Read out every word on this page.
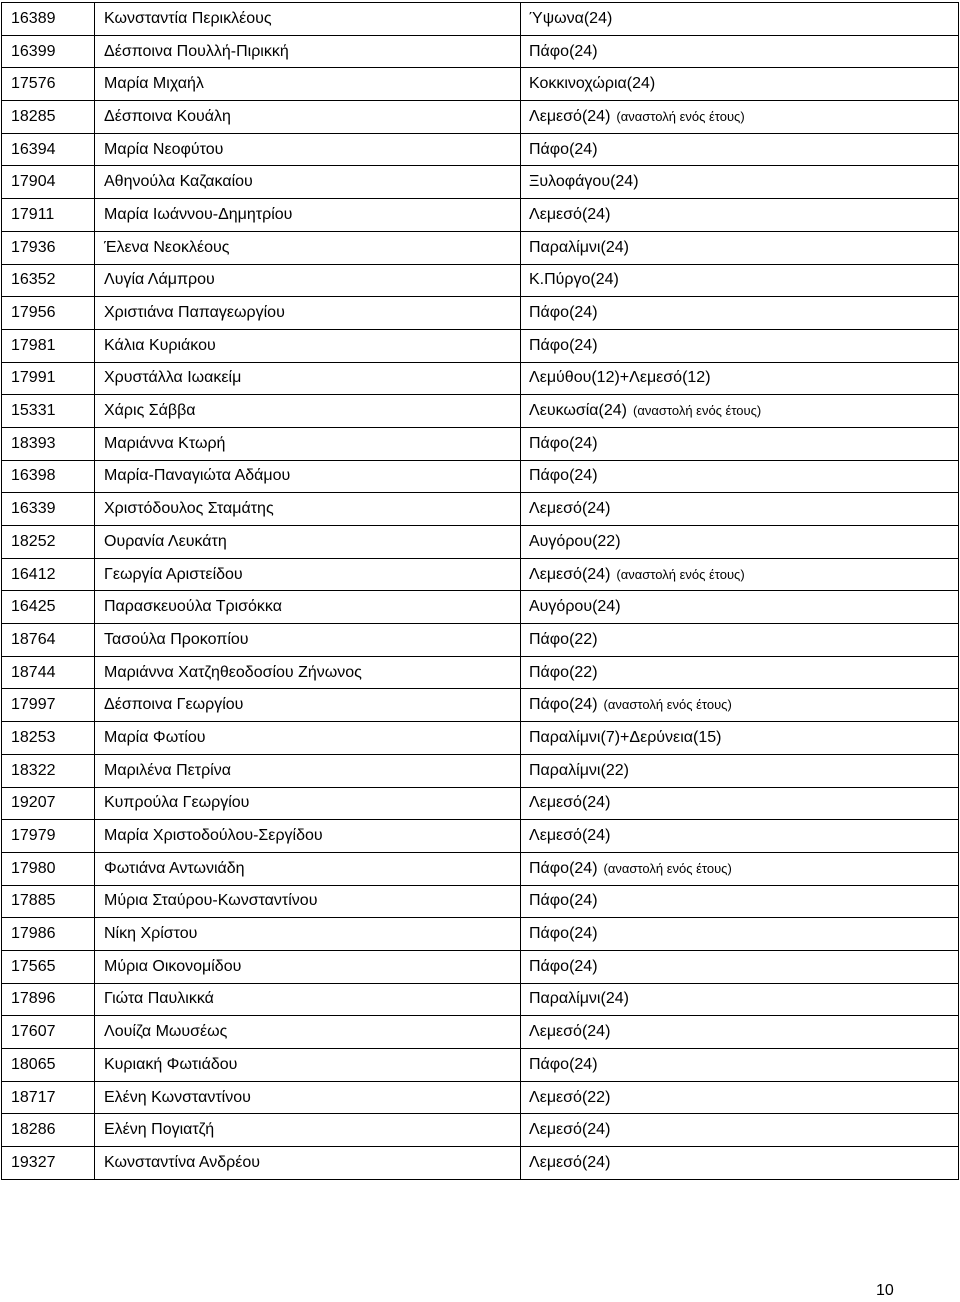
16389	Κωνσταντία Περικλέους	Ύψωνα(24)
16399	Δέσποινα Πουλλή-Πιρικκή	Πάφο(24)
17576	Μαρία Μιχαήλ	Κοκκινοχώρια(24)
18285	Δέσποινα Κουάλη	Λεμεσό(24) (αναστολή ενός έτους)
16394	Μαρία Νεοφύτου	Πάφο(24)
17904	Αθηνούλα Καζακαίου	Ξυλοφάγου(24)
17911	Μαρία Ιωάννου-Δημητρίου	Λεμεσό(24)
17936	Έλενα Νεοκλέους	Παραλίμνι(24)
16352	Λυγία Λάμπρου	Κ.Πύργο(24)
17956	Χριστιάνα Παπαγεωργίου	Πάφο(24)
17981	Κάλια Κυριάκου	Πάφο(24)
17991	Χρυστάλλα Ιωακείμ	Λεμύθου(12)+Λεμεσό(12)
15331	Χάρις Σάββα	Λευκωσία(24) (αναστολή ενός έτους)
18393	Μαριάννα Κτωρή	Πάφο(24)
16398	Μαρία-Παναγιώτα Αδάμου	Πάφο(24)
16339	Χριστόδουλος Σταμάτης	Λεμεσό(24)
18252	Ουρανία Λευκάτη	Αυγόρου(22)
16412	Γεωργία Αριστείδου	Λεμεσό(24) (αναστολή ενός έτους)
16425	Παρασκευούλα Τρισόκκα	Αυγόρου(24)
18764	Τασούλα Προκοπίου	Πάφο(22)
18744	Μαριάννα Χατζηθεοδοσίου Ζήνωνος	Πάφο(22)
17997	Δέσποινα Γεωργίου	Πάφο(24) (αναστολή ενός έτους)
18253	Μαρία Φωτίου	Παραλίμνι(7)+Δερύνεια(15)
18322	Μαριλένα Πετρίνα	Παραλίμνι(22)
19207	Κυπρούλα Γεωργίου	Λεμεσό(24)
17979	Μαρία Χριστοδούλου-Σεργίδου	Λεμεσό(24)
17980	Φωτιάνα Αντωνιάδη	Πάφο(24) (αναστολή ενός έτους)
17885	Μύρια Σταύρου-Κωνσταντίνου	Πάφο(24)
17986	Νίκη Χρίστου	Πάφο(24)
17565	Μύρια Οικονομίδου	Πάφο(24)
17896	Γιώτα Παυλικκά	Παραλίμνι(24)
17607	Λουίζα Μωυσέως	Λεμεσό(24)
18065	Κυριακή Φωτιάδου	Πάφο(24)
18717	Ελένη Κωνσταντίνου	Λεμεσό(22)
18286	Ελένη Πογιατζή	Λεμεσό(24)
19327	Κωνσταντίνα Ανδρέου	Λεμεσό(24)
10
